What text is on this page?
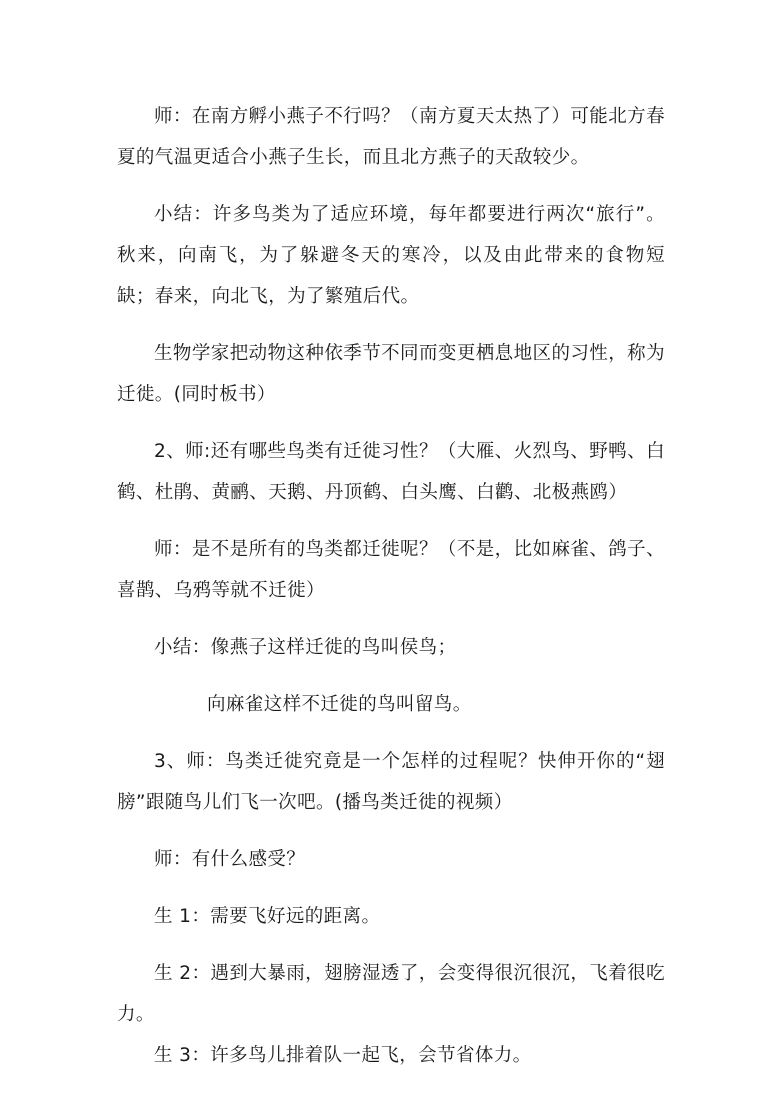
师：在南方孵小燕子不行吗？（南方夏天太热了）可能北方春夏的气温更适合小燕子生长，而且北方燕子的天敌较少。

小结：许多鸟类为了适应环境，每年都要进行两次“旅行”。秋来，向南飞，为了躲避冬天的寒冷，以及由此带来的食物短缺；春来，向北飞，为了繁殖后代。

生物学家把动物这种依季节不同而变更栖息地区的习性，称为迁徙。(同时板书）

2、师:还有哪些鸟类有迁徙习性？（大雁、火烈鸟、野鸭、白鹤、杜鹃、黄鹂、天鹅、丹顶鹤、白头鹰、白鹳、北极燕鸥）

师：是不是所有的鸟类都迁徙呢？（不是，比如麻雀、鸽子、喜鹊、乌鸦等就不迁徙）

小结：像燕子这样迁徙的鸟叫侯鸟；

向麻雀这样不迁徙的鸟叫留鸟。

3、师：鸟类迁徙究竟是一个怎样的过程呢？快伸开你的“翅膀”跟随鸟儿们飞一次吧。(播鸟类迁徙的视频）

师：有什么感受？

生 1：需要飞好远的距离。

生 2：遇到大暴雨，翅膀湿透了，会变得很沉很沉，飞着很吃力。

生 3：许多鸟儿排着队一起飞，会节省体力。
